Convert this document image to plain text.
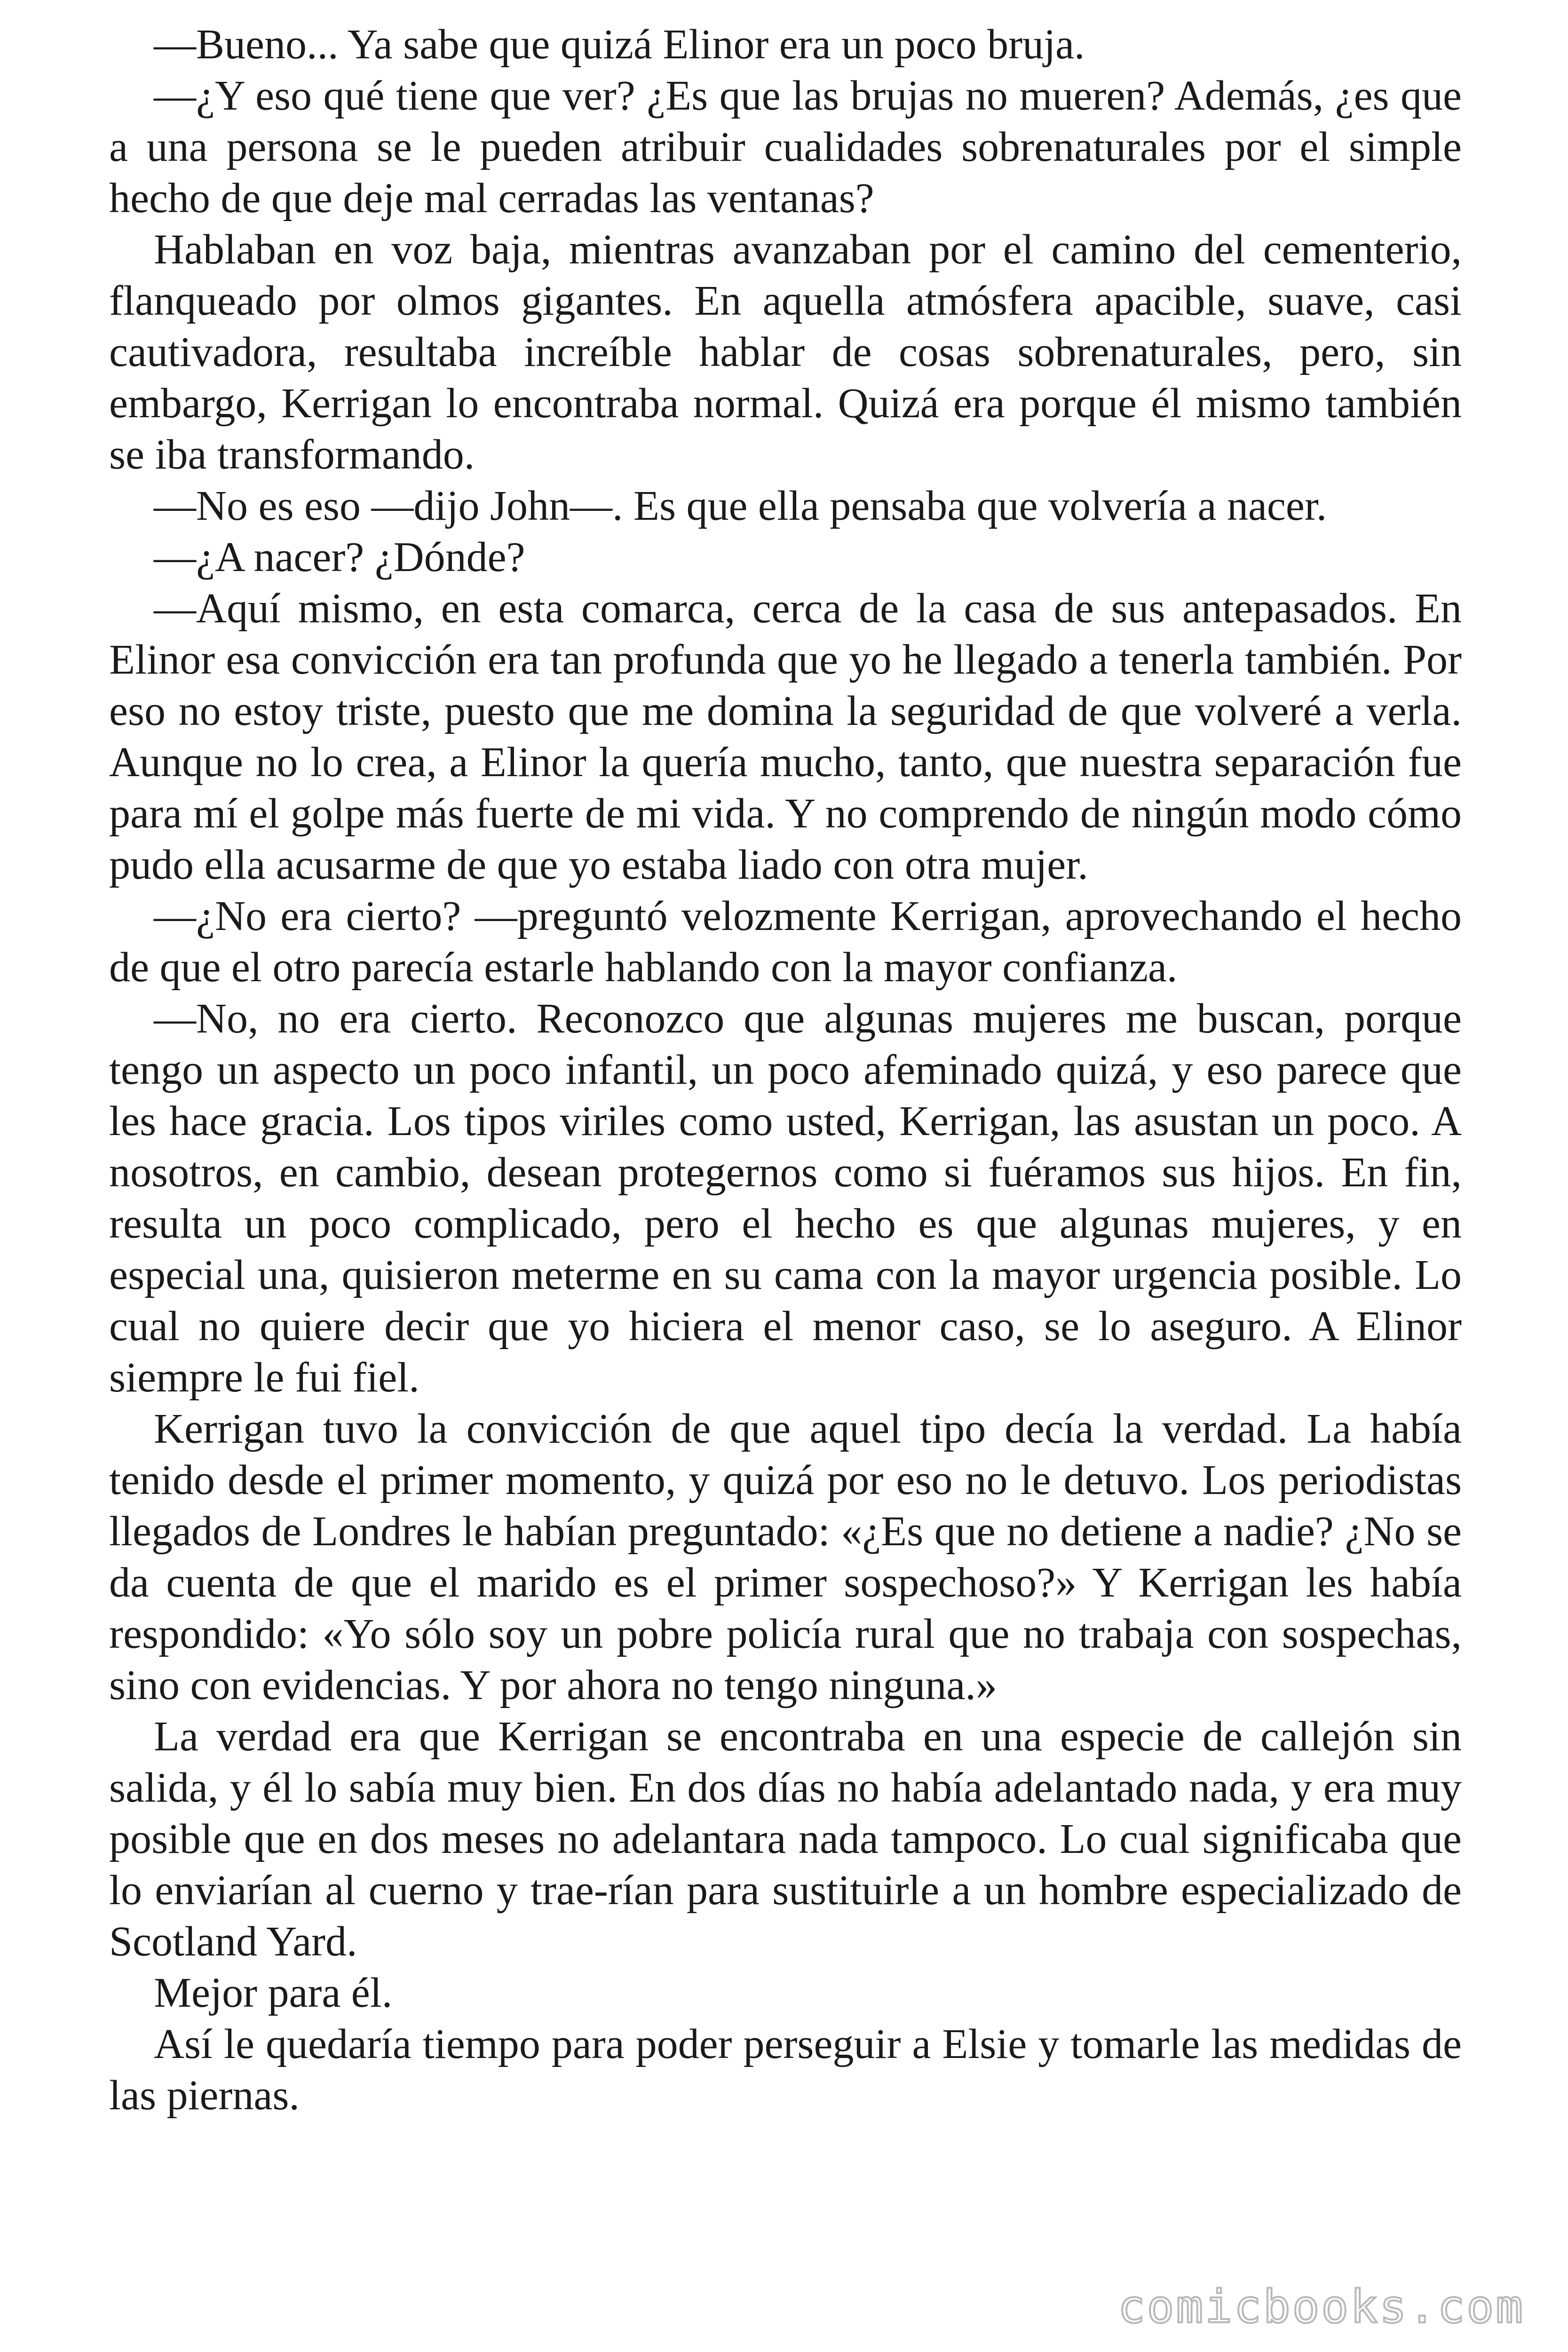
—Bueno... Ya sabe que quizá Elinor era un poco bruja.

—¿Y eso qué tiene que ver? ¿Es que las brujas no mueren? Además, ¿es que a una persona se le pueden atribuir cualidades sobrenaturales por el simple hecho de que deje mal cerradas las ventanas?

Hablaban en voz baja, mientras avanzaban por el camino del cementerio, flanqueado por olmos gigantes. En aquella atmósfera apacible, suave, casi cautivadora, resultaba increíble hablar de cosas sobrenaturales, pero, sin embargo, Kerrigan lo encontraba normal. Quizá era porque él mismo también se iba transformando.

—No es eso —dijo John—. Es que ella pensaba que volvería a nacer.

—¿A nacer? ¿Dónde?

—Aquí mismo, en esta comarca, cerca de la casa de sus antepasados. En Elinor esa convicción era tan profunda que yo he llegado a tenerla también. Por eso no estoy triste, puesto que me domina la seguridad de que volveré a verla. Aunque no lo crea, a Elinor la quería mucho, tanto, que nuestra separación fue para mí el golpe más fuerte de mi vida. Y no comprendo de ningún modo cómo pudo ella acusarme de que yo estaba liado con otra mujer.

—¿No era cierto? —preguntó velozmente Kerrigan, aprovechando el hecho de que el otro parecía estarle hablando con la mayor confianza.

—No, no era cierto. Reconozco que algunas mujeres me buscan, porque tengo un aspecto un poco infantil, un poco afeminado quizá, y eso parece que les hace gracia. Los tipos viriles como usted, Kerrigan, las asustan un poco. A nosotros, en cambio, desean protegernos como si fuéramos sus hijos. En fin, resulta un poco complicado, pero el hecho es que algunas mujeres, y en especial una, quisieron meterme en su cama con la mayor urgencia posible. Lo cual no quiere decir que yo hiciera el menor caso, se lo aseguro. A Elinor siempre le fui fiel.

Kerrigan tuvo la convicción de que aquel tipo decía la verdad. La había tenido desde el primer momento, y quizá por eso no le detuvo. Los periodistas llegados de Londres le habían preguntado: «¿Es que no detiene a nadie? ¿No se da cuenta de que el marido es el primer sospechoso?» Y Kerrigan les había respondido: «Yo sólo soy un pobre policía rural que no trabaja con sospechas, sino con evidencias. Y por ahora no tengo ninguna.»

La verdad era que Kerrigan se encontraba en una especie de callejón sin salida, y él lo sabía muy bien. En dos días no había adelantado nada, y era muy posible que en dos meses no adelantara nada tampoco. Lo cual significaba que lo enviarían al cuerno y trae-rían para sustituirle a un hombre especializado de Scotland Yard.

Mejor para él.

Así le quedaría tiempo para poder perseguir a Elsie y tomarle las medidas de las piernas.

comicbooks.com
